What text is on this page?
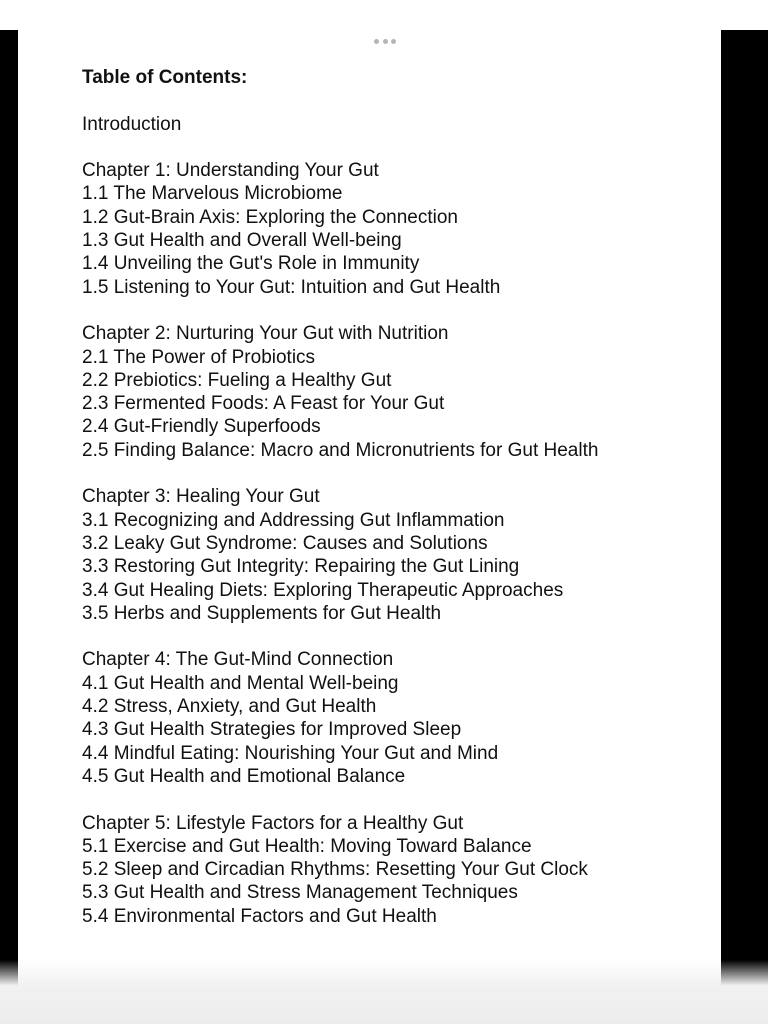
Table of Contents:

Introduction

Chapter 1: Understanding Your Gut

1.1 The Marvelous Microbiome

1.2 Gut-Brain Axis: Exploring the Connection

1.3 Gut Health and Overall Well-being

1.4 Unveiling the Gut's Role in Immunity

1.5 Listening to Your Gut: Intuition and Gut Health

Chapter 2: Nurturing Your Gut with Nutrition

2.1 The Power of Probiotics

2.2 Prebiotics: Fueling a Healthy Gut

2.3 Fermented Foods: A Feast for Your Gut

2.4 Gut-Friendly Superfoods

2.5 Finding Balance: Macro and Micronutrients for Gut Health

Chapter 3: Healing Your Gut

3.1 Recognizing and Addressing Gut Inflammation

3.2 Leaky Gut Syndrome: Causes and Solutions

3.3 Restoring Gut Integrity: Repairing the Gut Lining

3.4 Gut Healing Diets: Exploring Therapeutic Approaches

3.5 Herbs and Supplements for Gut Health

Chapter 4: The Gut-Mind Connection

4.1 Gut Health and Mental Well-being

4.2 Stress, Anxiety, and Gut Health

4.3 Gut Health Strategies for Improved Sleep

4.4 Mindful Eating: Nourishing Your Gut and Mind

4.5 Gut Health and Emotional Balance

Chapter 5: Lifestyle Factors for a Healthy Gut

5.1 Exercise and Gut Health: Moving Toward Balance

5.2 Sleep and Circadian Rhythms: Resetting Your Gut Clock

5.3 Gut Health and Stress Management Techniques

5.4 Environmental Factors and Gut Health
